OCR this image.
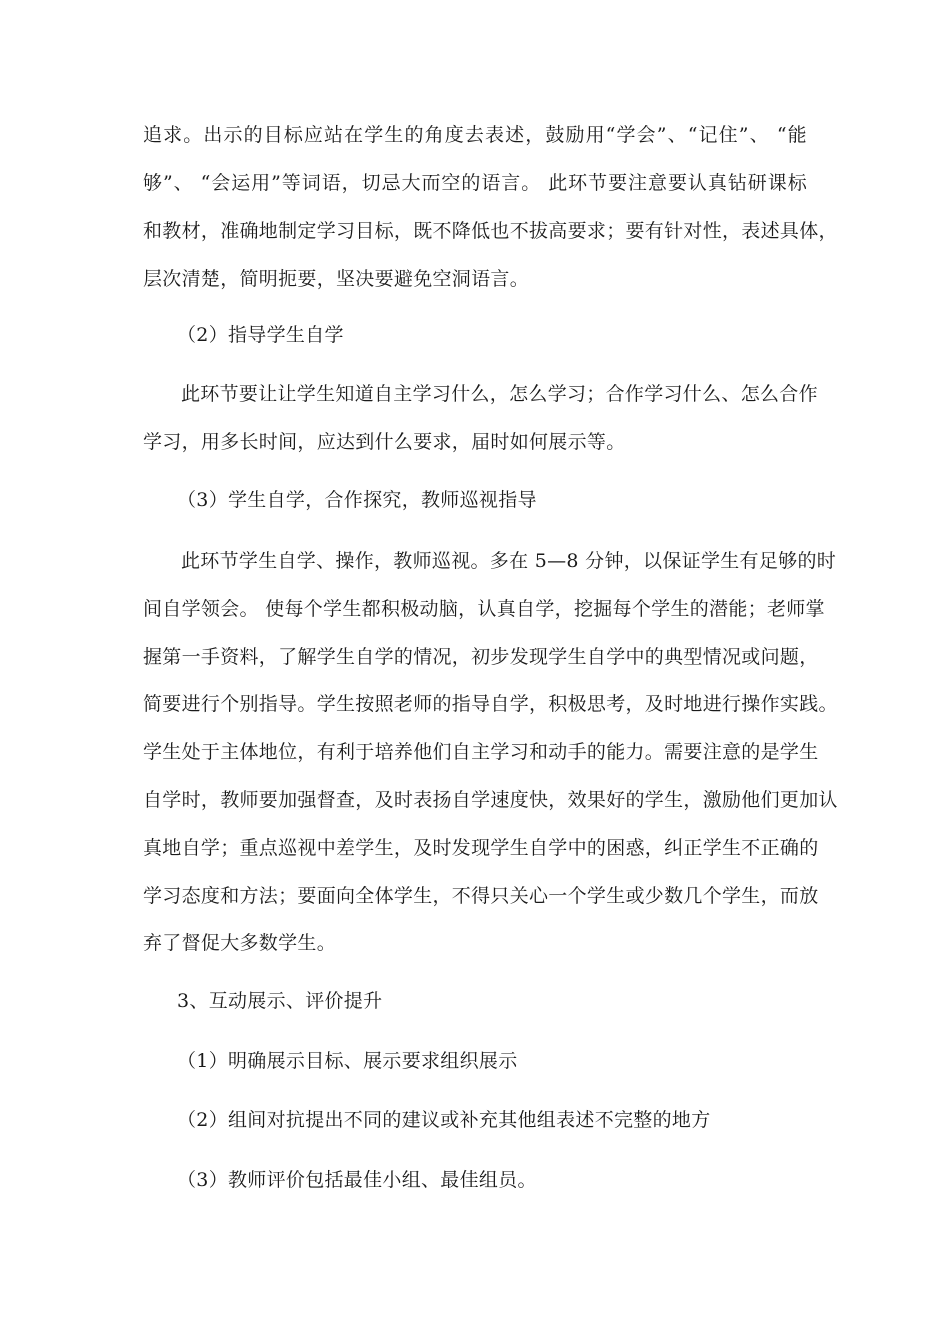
追求。出示的目标应站在学生的角度去表述，鼓励用“学会”、“记住”、 “能
够”、 “会运用”等词语，切忌大而空的语言。 此环节要注意要认真钻研课标
和教材，准确地制定学习目标，既不降低也不拔高要求；要有针对性，表述具体，
层次清楚，简明扼要，坚决要避免空洞语言。
（2）指导学生自学
此环节要让让学生知道自主学习什么，怎么学习；合作学习什么、怎么合作
学习，用多长时间，应达到什么要求，届时如何展示等。
（3）学生自学，合作探究，教师巡视指导
此环节学生自学、操作，教师巡视。多在 5—8 分钟，以保证学生有足够的时
间自学领会。 使每个学生都积极动脑，认真自学，挖掘每个学生的潜能；老师掌
握第一手资料，了解学生自学的情况，初步发现学生自学中的典型情况或问题，
简要进行个别指导。学生按照老师的指导自学，积极思考，及时地进行操作实践。
学生处于主体地位，有利于培养他们自主学习和动手的能力。需要注意的是学生
自学时，教师要加强督查，及时表扬自学速度快，效果好的学生，激励他们更加认
真地自学；重点巡视中差学生，及时发现学生自学中的困惑，纠正学生不正确的
学习态度和方法；要面向全体学生，不得只关心一个学生或少数几个学生，而放
弃了督促大多数学生。
3、互动展示、评价提升
（1）明确展示目标、展示要求组织展示
（2）组间对抗提出不同的建议或补充其他组表述不完整的地方
（3）教师评价包括最佳小组、最佳组员。
